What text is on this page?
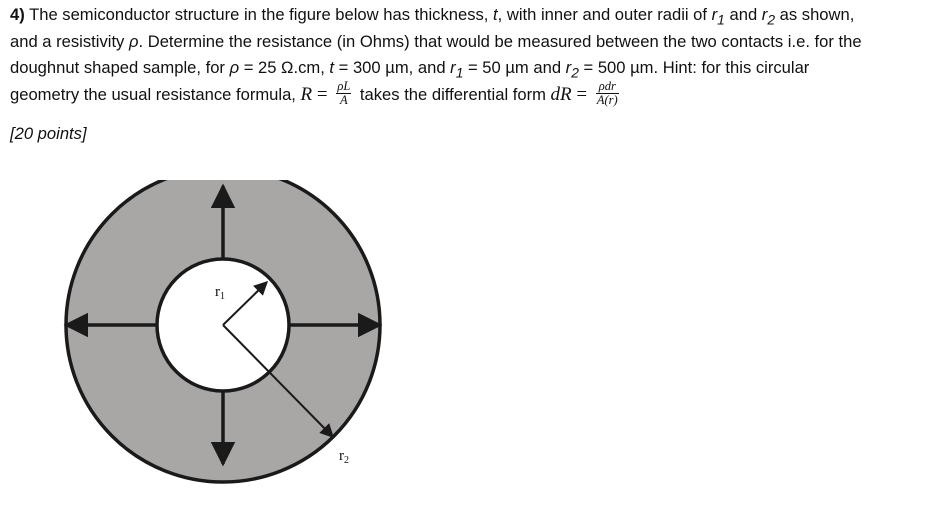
4) The semiconductor structure in the figure below has thickness, t, with inner and outer radii of $r_1$ and $r_2$ as shown,
and a resistivity ρ. Determine the resistance (in Ohms) that would be measured between the two contacts i.e. for the
doughnut shaped sample, for ρ = 25 Ω.cm, t = 300 µm, and $r_1 = 50$ µm and $r_2 = 500$ µm. Hint: for this circular
geometry the usual resistance formula, $R = \frac{\rho L}{A}$ takes the differential form dR = $\frac{\text{ρdr}}{A(r)}$
[20 points]
$r_1$
$r_2$
